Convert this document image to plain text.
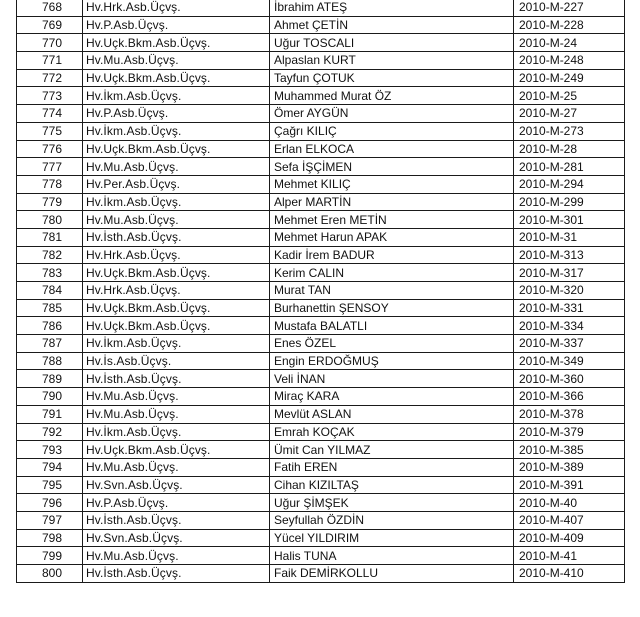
768	Hv.Hrk.Asb.Üçvş.	İbrahim ATEŞ	2010-M-227
769	Hv.P.Asb.Üçvş.	Ahmet ÇETİN	2010-M-228
770	Hv.Uçk.Bkm.Asb.Üçvş.	Uğur TOSCALI	2010-M-24
771	Hv.Mu.Asb.Üçvş.	Alpaslan KURT	2010-M-248
772	Hv.Uçk.Bkm.Asb.Üçvş.	Tayfun ÇOTUK	2010-M-249
773	Hv.İkm.Asb.Üçvş.	Muhammed Murat ÖZ	2010-M-25
774	Hv.P.Asb.Üçvş.	Ömer AYGÜN	2010-M-27
775	Hv.İkm.Asb.Üçvş.	Çağrı KILIÇ	2010-M-273
776	Hv.Uçk.Bkm.Asb.Üçvş.	Erlan ELKOCA	2010-M-28
777	Hv.Mu.Asb.Üçvş.	Sefa İŞÇİMEN	2010-M-281
778	Hv.Per.Asb.Üçvş.	Mehmet KILIÇ	2010-M-294
779	Hv.İkm.Asb.Üçvş.	Alper MARTİN	2010-M-299
780	Hv.Mu.Asb.Üçvş.	Mehmet Eren METİN	2010-M-301
781	Hv.İsth.Asb.Üçvş.	Mehmet Harun APAK	2010-M-31
782	Hv.Hrk.Asb.Üçvş.	Kadir İrem BADUR	2010-M-313
783	Hv.Uçk.Bkm.Asb.Üçvş.	Kerim CALIN	2010-M-317
784	Hv.Hrk.Asb.Üçvş.	Murat TAN	2010-M-320
785	Hv.Uçk.Bkm.Asb.Üçvş.	Burhanettin ŞENSOY	2010-M-331
786	Hv.Uçk.Bkm.Asb.Üçvş.	Mustafa BALATLI	2010-M-334
787	Hv.İkm.Asb.Üçvş.	Enes ÖZEL	2010-M-337
788	Hv.İs.Asb.Üçvş.	Engin ERDOĞMUŞ	2010-M-349
789	Hv.İsth.Asb.Üçvş.	Veli İNAN	2010-M-360
790	Hv.Mu.Asb.Üçvş.	Miraç KARA	2010-M-366
791	Hv.Mu.Asb.Üçvş.	Mevlüt ASLAN	2010-M-378
792	Hv.İkm.Asb.Üçvş.	Emrah KOÇAK	2010-M-379
793	Hv.Uçk.Bkm.Asb.Üçvş.	Ümit Can YILMAZ	2010-M-385
794	Hv.Mu.Asb.Üçvş.	Fatih EREN	2010-M-389
795	Hv.Svn.Asb.Üçvş.	Cihan KIZILTAŞ	2010-M-391
796	Hv.P.Asb.Üçvş.	Uğur ŞİMŞEK	2010-M-40
797	Hv.İsth.Asb.Üçvş.	Seyfullah ÖZDİN	2010-M-407
798	Hv.Svn.Asb.Üçvş.	Yücel YILDIRIM	2010-M-409
799	Hv.Mu.Asb.Üçvş.	Halis TUNA	2010-M-41
800	Hv.İsth.Asb.Üçvş.	Faik DEMİRKOLLU	2010-M-410
